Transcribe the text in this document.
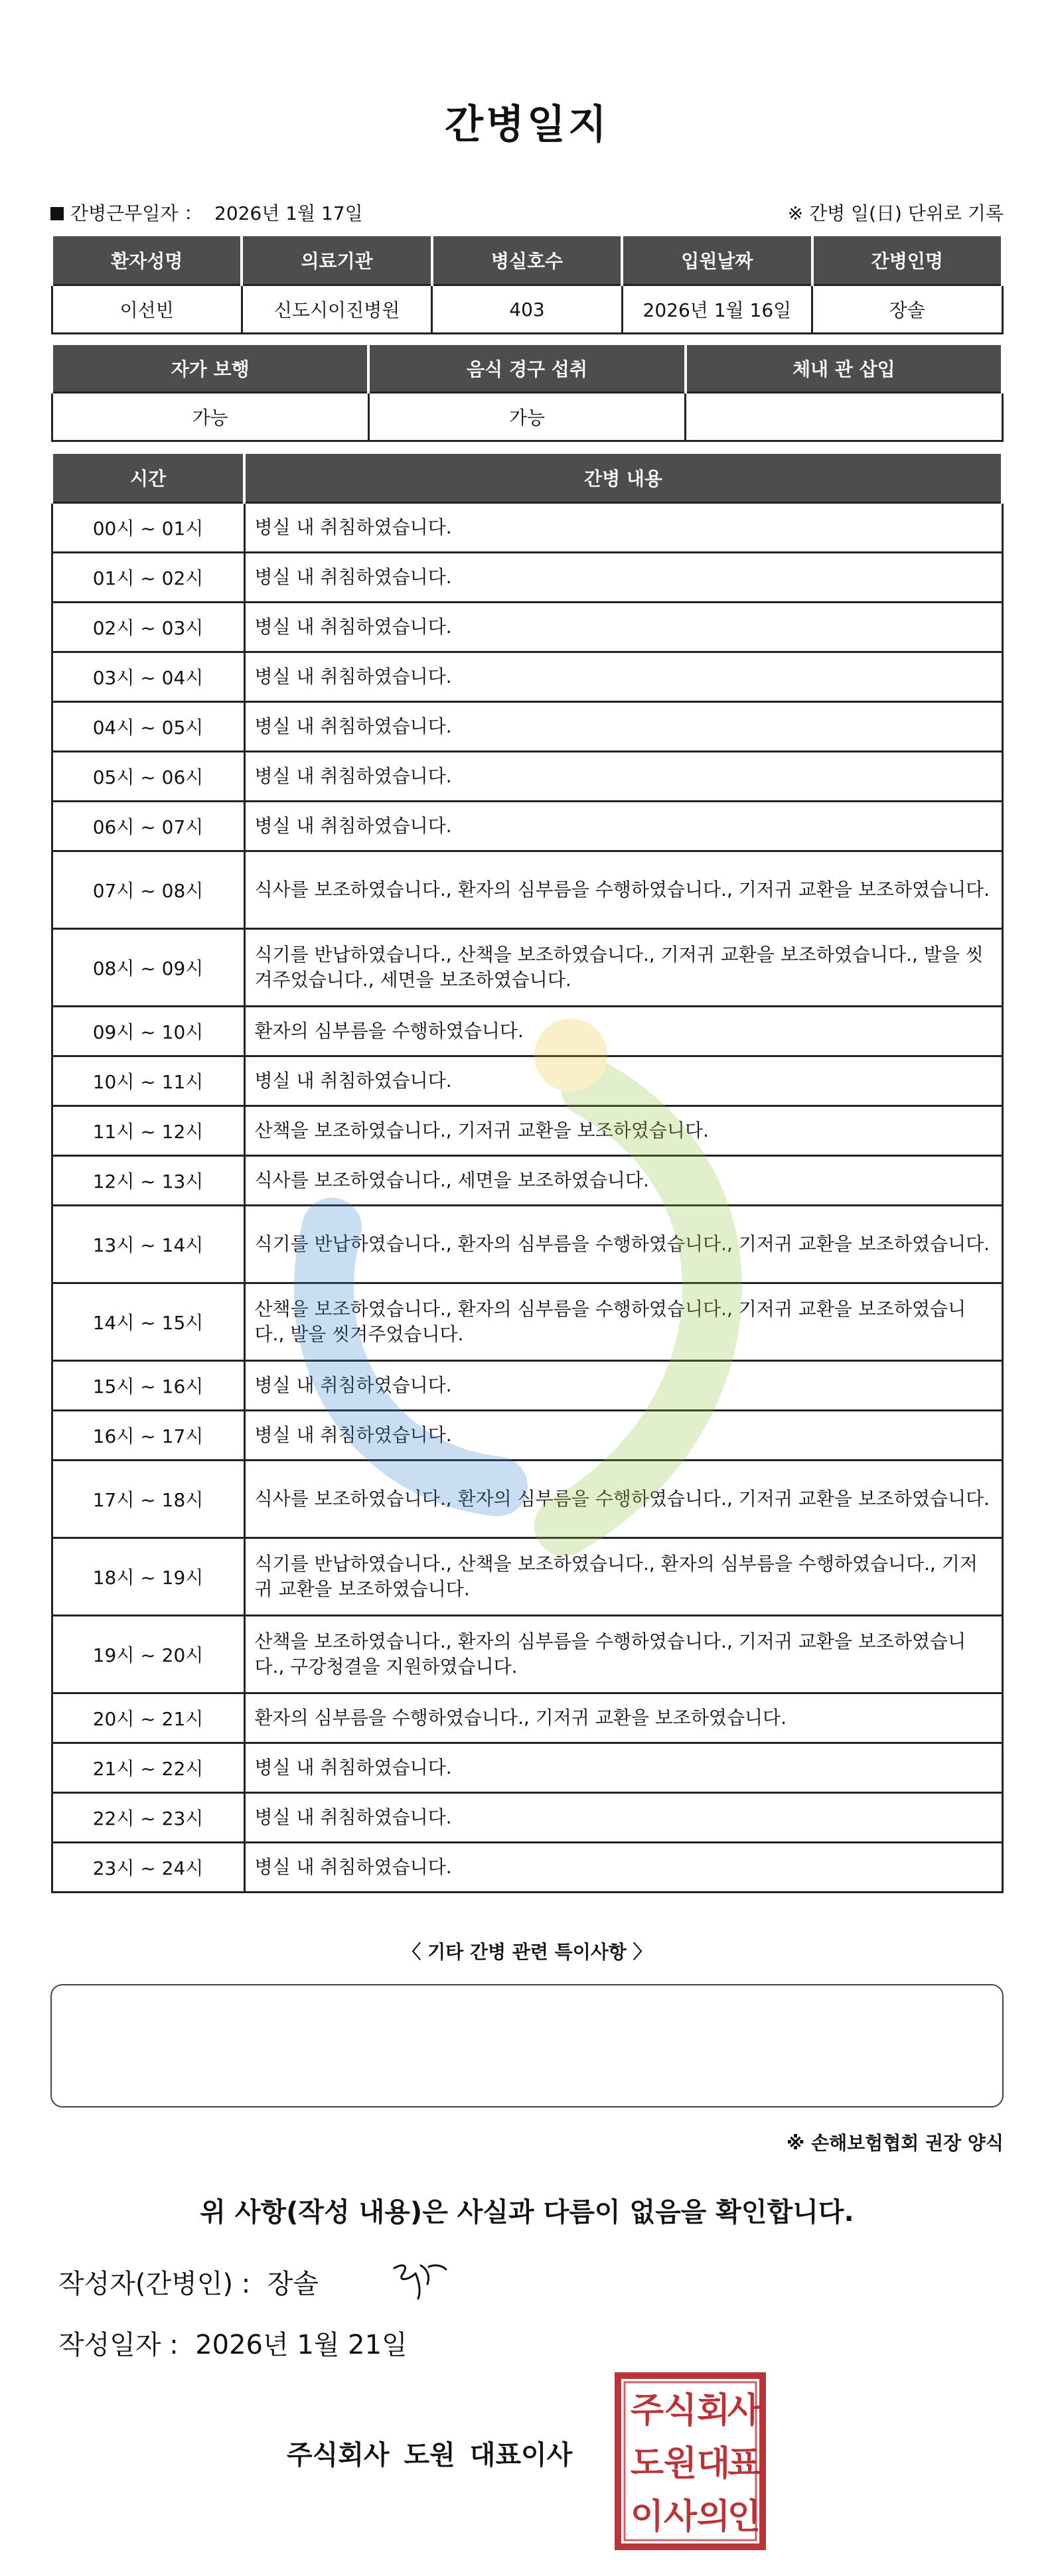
간병일지
간병근무일자 ： 2026년 1월 17일	※ 간병 일(日) 단위로 기록
환자성명	의료기관	병실호수	입원날짜	간병인명
이선빈	신도시이진병원	403	2026년 1월 16일	장솔
자가 보행	음식 경구 섭취	체내 관 삽입
가능	가능	
시간	간병 내용
00시 ~ 01시	병실 내 취침하였습니다.
01시 ~ 02시	병실 내 취침하였습니다.
02시 ~ 03시	병실 내 취침하였습니다.
03시 ~ 04시	병실 내 취침하였습니다.
04시 ~ 05시	병실 내 취침하였습니다.
05시 ~ 06시	병실 내 취침하였습니다.
06시 ~ 07시	병실 내 취침하였습니다.
07시 ~ 08시	식사를 보조하였습니다., 환자의 심부름을 수행하였습니다., 기저귀 교환을 보조하였습니다.
08시 ~ 09시	식기를 반납하였습니다., 산책을 보조하였습니다., 기저귀 교환을 보조하였습니다., 발을 씻겨주었습니다., 세면을 보조하였습니다.
09시 ~ 10시	환자의 심부름을 수행하였습니다.
10시 ~ 11시	병실 내 취침하였습니다.
11시 ~ 12시	산책을 보조하였습니다., 기저귀 교환을 보조하였습니다.
12시 ~ 13시	식사를 보조하였습니다., 세면을 보조하였습니다.
13시 ~ 14시	식기를 반납하였습니다., 환자의 심부름을 수행하였습니다., 기저귀 교환을 보조하였습니다.
14시 ~ 15시	산책을 보조하였습니다., 환자의 심부름을 수행하였습니다., 기저귀 교환을 보조하였습니다., 발을 씻겨주었습니다.
15시 ~ 16시	병실 내 취침하였습니다.
16시 ~ 17시	병실 내 취침하였습니다.
17시 ~ 18시	식사를 보조하였습니다., 환자의 심부름을 수행하였습니다., 기저귀 교환을 보조하였습니다.
18시 ~ 19시	식기를 반납하였습니다., 산책을 보조하였습니다., 환자의 심부름을 수행하였습니다., 기저귀 교환을 보조하였습니다.
19시 ~ 20시	산책을 보조하였습니다., 환자의 심부름을 수행하였습니다., 기저귀 교환을 보조하였습니다., 구강청결을 지원하였습니다.
20시 ~ 21시	환자의 심부름을 수행하였습니다., 기저귀 교환을 보조하였습니다.
21시 ~ 22시	병실 내 취침하였습니다.
22시 ~ 23시	병실 내 취침하였습니다.
23시 ~ 24시	병실 내 취침하였습니다.
〈 기타 간병 관련 특이사항 〉
※ 손해보험협회 권장 양식
위 사항(작성 내용)은 사실과 다름이 없음을 확인합니다.
작성자(간병인) : 장솔
작성일자 : 2026년 1월 21일
주식회사 도원 대표이사
주 식 회
사
도 원 대
표
이 사 의
인
